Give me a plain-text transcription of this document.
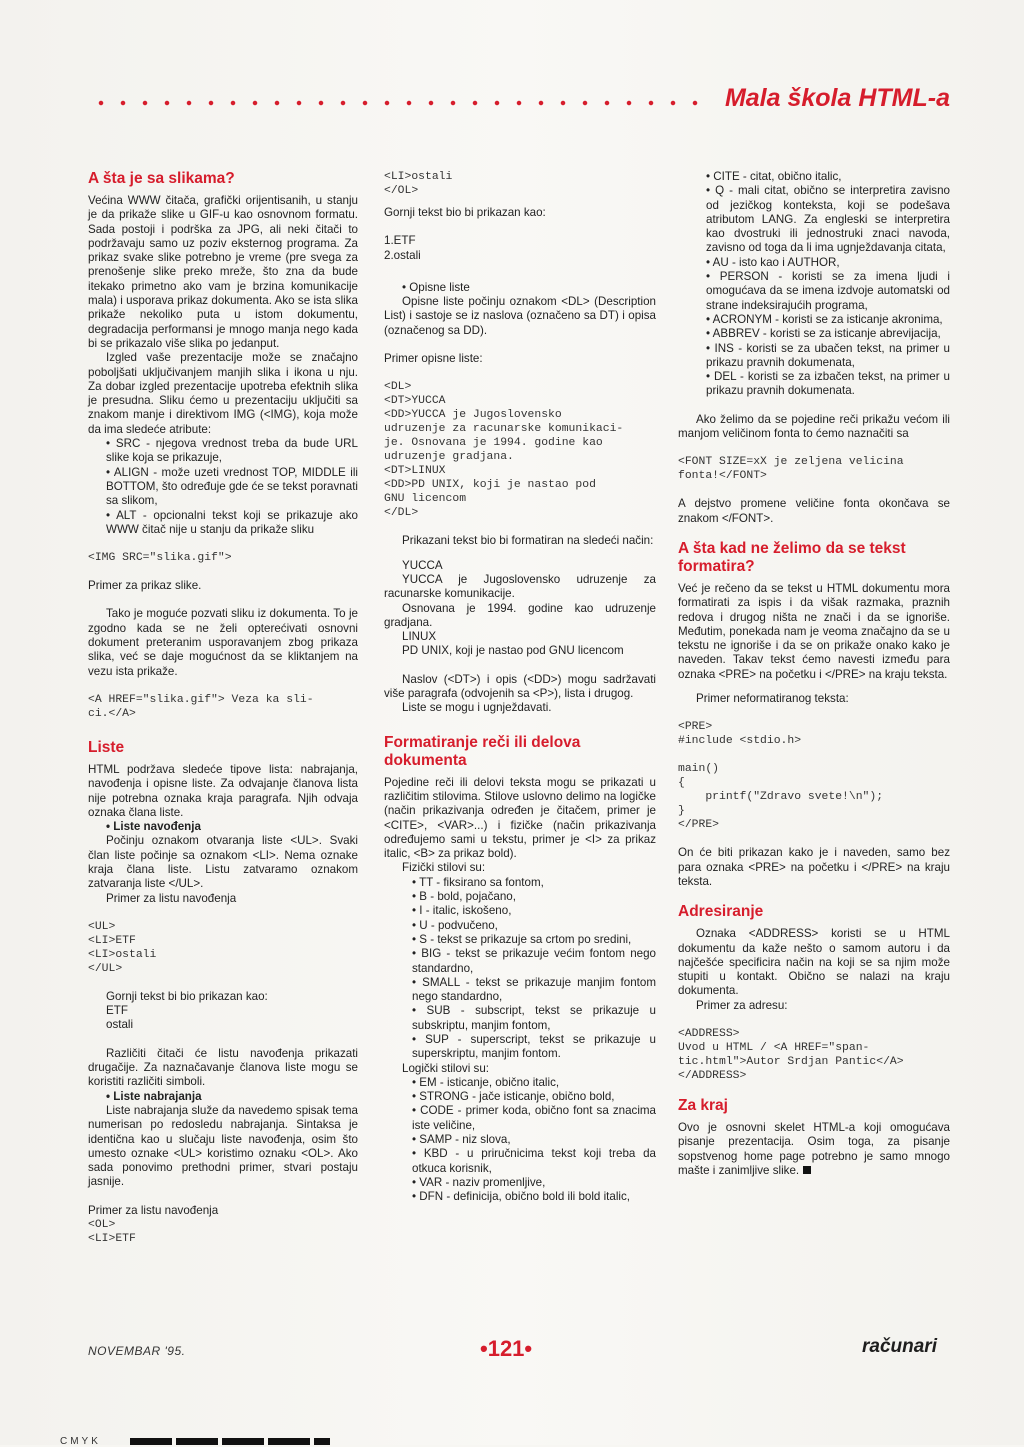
Mala škola HTML-a
A šta je sa slikama?

Većina WWW čitača, grafički orijentisanih, u stanju je da prikaže slike u GIF-u kao osnovnom formatu. Sada postoji i podrška za JPG, ali neki čitači to podržavaju samo uz poziv eksternog programa. Za prikaz svake slike potrebno je vreme (pre svega za prenošenje slike preko mreže, što zna da bude itekako primetno ako vam je brzina komunikacije mala) i usporava prikaz dokumenta. Ako se ista slika prikaže nekoliko puta u istom dokumentu, degradacija performansi je mnogo manja nego kada bi se prikazalo više slika po jedanput.

Izgled vaše prezentacije može se značajno poboljšati uključivanjem manjih slika i ikona u nju. Za dobar izgled prezentacije upotreba efektnih slika je presudna. Sliku ćemo u prezentaciju uključiti sa znakom manje i direktivom IMG (<IMG), koja može da ima sledeće atribute:

• SRC - njegova vrednost treba da bude URL slike koja se prikazuje,

• ALIGN - može uzeti vrednost TOP, MIDDLE ili BOTTOM, što određuje gde će se tekst poravnati sa slikom,

• ALT - opcionalni tekst koji se prikazuje ako WWW čitač nije u stanju da prikaže sliku

<IMG SRC="slika.gif">

Primer za prikaz slike.

Tako je moguće pozvati sliku iz dokumenta. To je zgodno kada se ne želi opterećivati osnovni dokument preteranim usporavanjem zbog prikaza slika, već se daje mogućnost da se kliktanjem na vezu ista prikaže.

<A HREF="slika.gif"> Veza ka sli-
ci.</A>
Liste

HTML podržava sledeće tipove lista: nabrajanja, navođenja i opisne liste. Za odvajanje članova lista nije potrebna oznaka kraja paragrafa. Njih odvaja oznaka člana liste.

• Liste navođenja

Počinju oznakom otvaranja liste <UL>. Svaki član liste počinje sa oznakom <LI>. Nema oznake kraja člana liste. Listu zatvaramo oznakom zatvaranja liste </UL>.

Primer za listu navođenja

<UL>
<LI>ETF
<LI>ostali
</UL>

Gornji tekst bi bio prikazan kao:

ETF

ostali

Različiti čitači će listu navođenja prikazati drugačije. Za naznačavanje članova liste mogu se koristiti različiti simboli.

• Liste nabrajanja

Liste nabrajanja služe da navedemo spisak tema numerisan po redosledu nabrajanja. Sintaksa je identična kao u slučaju liste navođenja, osim što umesto oznake <UL> koristimo oznaku <OL>. Ako sada ponovimo prethodni primer, stvari postaju jasnije.

Primer za listu navođenja

<OL>
<LI>ETF
<LI>ostali
</OL>

Gornji tekst bio bi prikazan kao:

1.ETF

2.ostali

• Opisne liste

Opisne liste počinju oznakom <DL> (Description List) i sastoje se iz naslova (označeno sa DT) i opisa (označenog sa DD).

Primer opisne liste:

<DL>
<DT>YUCCA
<DD>YUCCA je Jugoslovensko
udruzenje za racunarske komunikaci-
je. Osnovana je 1994. godine kao
udruzenje gradjana.
<DT>LINUX
<DD>PD UNIX, koji je nastao pod
GNU licencom
</DL>

Prikazani tekst bio bi formatiran na sledeći način:

YUCCA

YUCCA je Jugoslovensko udruzenje za racunarske komunikacije.

Osnovana je 1994. godine kao udruzenje gradjana.

LINUX

PD UNIX, koji je nastao pod GNU licencom

Naslov (<DT>) i opis (<DD>) mogu sadržavati više paragrafa (odvojenih sa <P>), lista i drugog.

Liste se mogu i ugnježdavati.

Formatiranje reči ili delova dokumenta

Pojedine reči ili delovi teksta mogu se prikazati u različitim stilovima. Stilove uslovno delimo na logičke (način prikazivanja određen je čitačem, primer je <CITE>, <VAR>...) i fizičke (način prikazivanja određujemo sami u tekstu, primer je <I> za prikaz italic, <B> za prikaz bold).

Fizički stilovi su:

• TT - fiksirano sa fontom,

• B - bold, pojačano,

• I - italic, iskošeno,

• U - podvučeno,

• S - tekst se prikazuje sa crtom po sredini,

• BIG - tekst se prikazuje većim fontom nego standardno,

• SMALL - tekst se prikazuje manjim fontom nego standardno,

• SUB - subscript, tekst se prikazuje u subskriptu, manjim fontom,

• SUP - superscript, tekst se prikazuje u superskriptu, manjim fontom.

Logički stilovi su:

• EM - isticanje, obično italic,

• STRONG - jače isticanje, obično bold,

• CODE - primer koda, obično font sa znacima iste veličine,

• SAMP - niz slova,

• KBD - u priručnicima tekst koji treba da otkuca korisnik,

• VAR - naziv promenljive,

• DFN - definicija, obično bold ili bold italic,

• CITE - citat, obično italic,

• Q - mali citat, obično se interpretira zavisno od jezičkog konteksta, koji se podešava atributom LANG. Za engleski se interpretira kao dvostruki ili jednostruki znaci navoda, zavisno od toga da li ima ugnježdavanja citata,

• AU - isto kao i AUTHOR,

• PERSON - koristi se za imena ljudi i omogućava da se imena izdvoje automatski od strane indeksirajućih programa,

• ACRONYM - koristi se za isticanje akronima,

• ABBREV - koristi se za isticanje abrevijacija,

• INS - koristi se za ubačen tekst, na primer u prikazu pravnih dokumenata,

• DEL - koristi se za izbačen tekst, na primer u prikazu pravnih dokumenata.

Ako želimo da se pojedine reči prikažu većom ili manjom veličinom fonta to ćemo naznačiti sa

<FONT SIZE=xX je zeljena velicina
fonta!</FONT>

A dejstvo promene veličine fonta okončava se znakom </FONT>.

A šta kad ne želimo da se tekst formatira?

Već je rečeno da se tekst u HTML dokumentu mora formatirati za ispis i da višak razmaka, praznih redova i drugog ništa ne znači i da se ignoriše. Međutim, ponekada nam je veoma značajno da se u tekstu ne ignoriše i da se on prikaže onako kako je naveden. Takav tekst ćemo navesti između para oznaka <PRE> na početku i </PRE> na kraju teksta.

Primer neformatiranog teksta:

<PRE>
#include <stdio.h>

main()
{
printf("Zdravo svete!\n");
}
</PRE>

On će biti prikazan kako je i naveden, samo bez para oznaka <PRE> na početku i </PRE> na kraju teksta.

Adresiranje

Oznaka <ADDRESS> koristi se u HTML dokumentu da kaže nešto o samom autoru i da najčešće specificira način na koji se sa njim može stupiti u kontakt. Obično se nalazi na kraju dokumenta.

Primer za adresu:

<ADDRESS>
Uvod u HTML / <A HREF="span-
tic.html">Autor Srdjan Pantic</A>
</ADDRESS>
Za kraj

Ovo je osnovni skelet HTML-a koji omogućava pisanje prezentacija. Osim toga, za pisanje sopstvenog home page potrebno je samo mnogo maštе i zanimljive slike.

NOVEMBAR '95.	•121•	računari
CMYK
